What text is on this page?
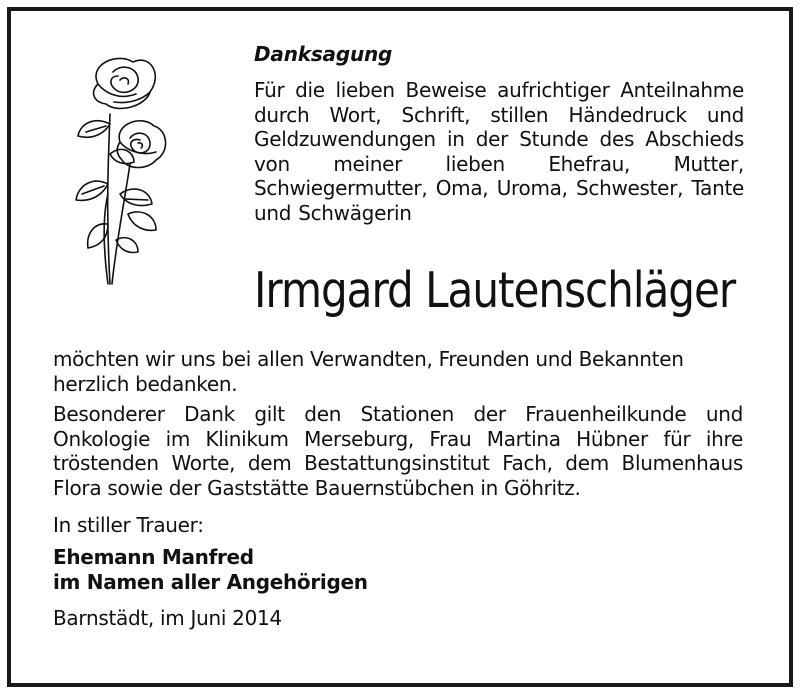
Danksagung
Für die lieben Beweise aufrichtiger Anteilnahme durch Wort, Schrift, stillen Händedruck und Geldzuwendungen in der Stunde des Abschieds von meiner lieben Ehefrau, Mutter, Schwiegermutter, Oma, Uroma, Schwester, Tante und Schwägerin
Irmgard Lautenschläger
möchten wir uns bei allen Verwandten, Freunden und Bekannten herzlich bedanken.
Besonderer Dank gilt den Stationen der Frauenheilkunde und Onkologie im Klinikum Merseburg, Frau Martina Hübner für ihre tröstenden Worte, dem Bestattungsinstitut Fach, dem Blumenhaus Flora sowie der Gaststätte Bauernstübchen in Göhritz.
In stiller Trauer:
Ehemann Manfred
im Namen aller Angehörigen
Barnstädt, im Juni 2014
